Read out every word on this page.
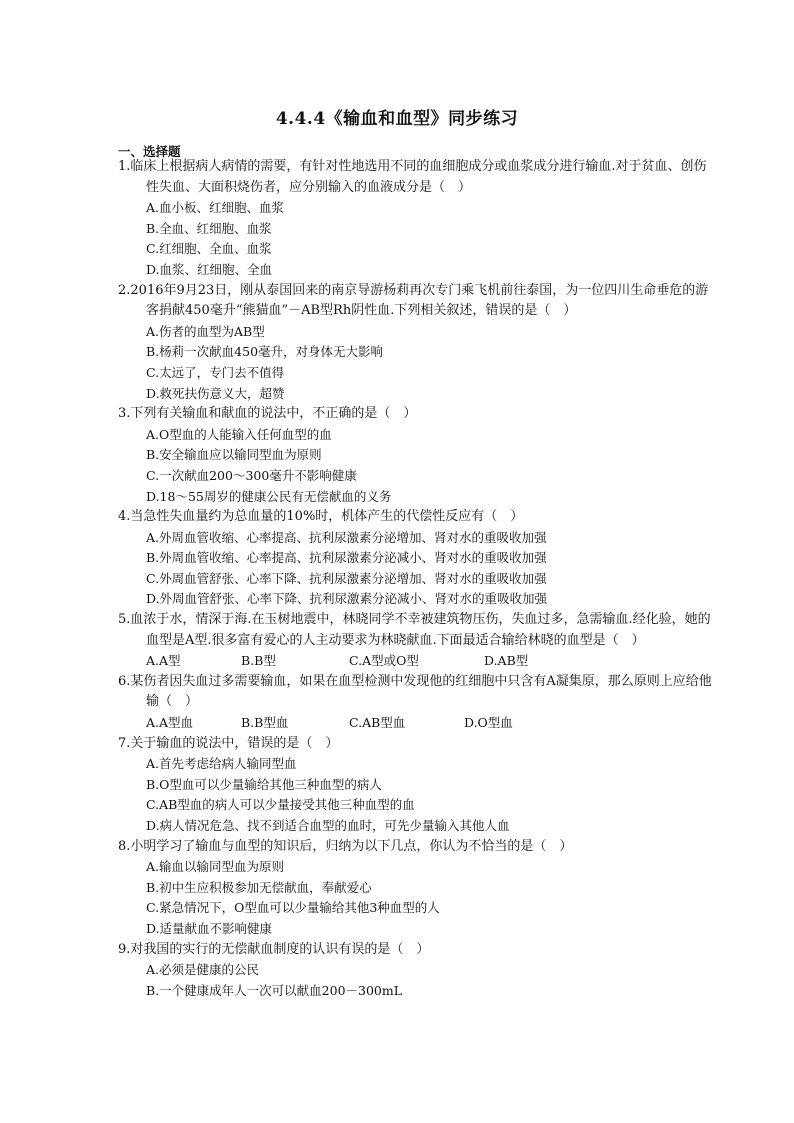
4.4.4《输血和血型》同步练习
一、选择题
1.临床上根据病人病情的需要，有针对性地选用不同的血细胞成分或血浆成分进行输血.对于贫血、创伤性失血、大面积烧伤者，应分别输入的血液成分是（　）
A.血小板、红细胞、血浆
B.全血、红细胞、血浆
C.红细胞、全血、血浆
D.血浆、红细胞、全血
2.2016年9月23日，刚从泰国回来的南京导游杨莉再次专门乘飞机前往泰国，为一位四川生命垂危的游客捐献450毫升“熊猫血”－AB型Rh阴性血.下列相关叙述，错误的是（　）
A.伤者的血型为AB型
B.杨莉一次献血450毫升，对身体无大影响
C.太远了，专门去不值得
D.救死扶伤意义大，超赞
3.下列有关输血和献血的说法中，不正确的是（　）
A.O型血的人能输入任何血型的血
B.安全输血应以输同型血为原则
C.一次献血200～300毫升不影响健康
D.18～55周岁的健康公民有无偿献血的义务
4.当急性失血量约为总血量的10%时，机体产生的代偿性反应有（　）
A.外周血管收缩、心率提高、抗利尿激素分泌增加、肾对水的重吸收加强
B.外周血管收缩、心率提高、抗利尿激素分泌减小、肾对水的重吸收加强
C.外周血管舒张、心率下降、抗利尿激素分泌增加、肾对水的重吸收加强
D.外周血管舒张、心率下降、抗利尿激素分泌减小、肾对水的重吸收加强
5.血浓于水，情深于海.在玉树地震中，林晓同学不幸被建筑物压伤，失血过多，急需输血.经化验，她的血型是A型.很多富有爱心的人主动要求为林晓献血.下面最适合输给林晓的血型是（　）
A.A型	B.B型	C.A型或O型	D.AB型
6.某伤者因失血过多需要输血，如果在血型检测中发现他的红细胞中只含有A凝集原，那么原则上应给他输（　）
A.A型血	B.B型血	C.AB型血	D.O型血
7.关于输血的说法中，错误的是（　）
A.首先考虑给病人输同型血
B.O型血可以少量输给其他三种血型的病人
C.AB型血的病人可以少量接受其他三种血型的血
D.病人情况危急、找不到适合血型的血时，可先少量输入其他人血
8.小明学习了输血与血型的知识后，归纳为以下几点，你认为不恰当的是（　）
A.输血以输同型血为原则
B.初中生应积极参加无偿献血，奉献爱心
C.紧急情况下，O型血可以少量输给其他3种血型的人
D.适量献血不影响健康
9.对我国的实行的无偿献血制度的认识有误的是（　）
A.必须是健康的公民
B.一个健康成年人一次可以献血200－300mL
